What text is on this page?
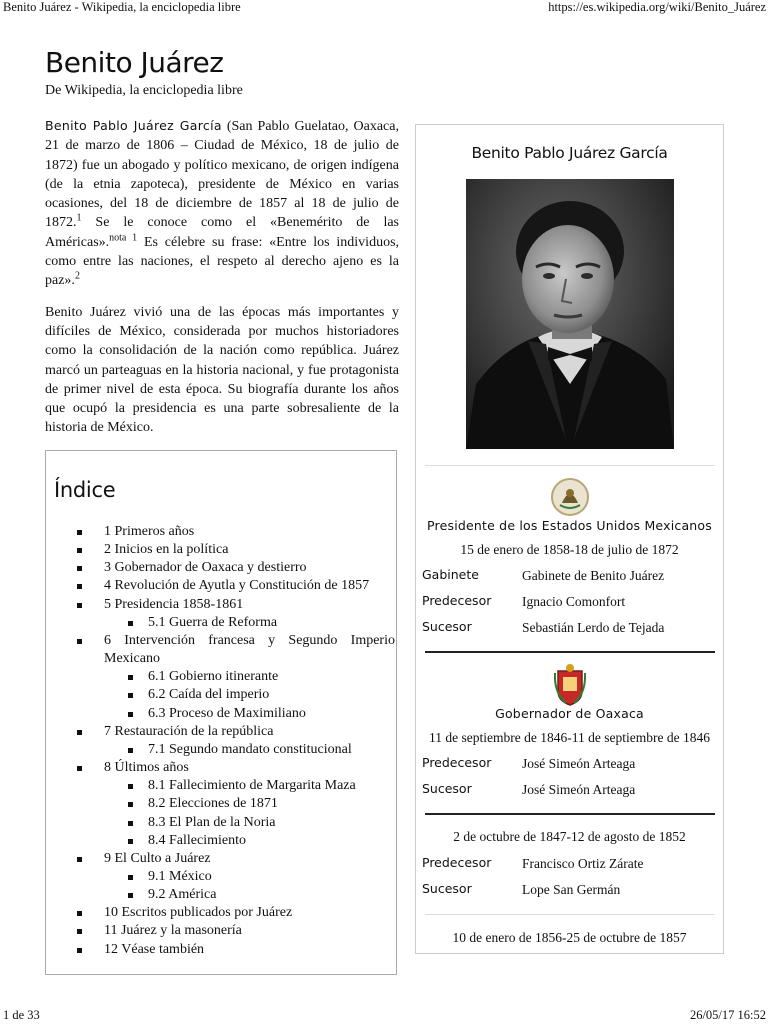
Benito Juárez - Wikipedia, la enciclopedia libre	https://es.wikipedia.org/wiki/Benito_Juárez
1 de 33	26/05/17 16:52
Benito Juárez
De Wikipedia, la enciclopedia libre

Benito Pablo Juárez García (San Pablo Guelatao, Oaxaca, 21 de marzo de 1806 – Ciudad de México, 18 de julio de 1872) fue un abogado y político mexicano, de origen indígena (de la etnia zapoteca), presidente de México en varias ocasiones, del 18 de diciembre de 1857 al 18 de julio de 1872.$^1$ Se le conoce como el «Benemérito de las Américas».$^{nota 1}$ Es célebre su frase: «Entre los individuos, como entre las naciones, el respeto al derecho ajeno es la paz».$^2$

Benito Juárez vivió una de las épocas más importantes y difíciles de México, considerada por muchos historiadores como la consolidación de la nación como república. Juárez marcó un parteaguas en la historia nacional, y fue protagonista de primer nivel de esta época. Su biografía durante los años que ocupó la presidencia es una parte sobresaliente de la historia de México.

Índice
1 Primeros años
2 Inicios en la política
3 Gobernador de Oaxaca y destierro
4 Revolución de Ayutla y Constitución de 1857
5 Presidencia 1858-1861
5.1 Guerra de Reforma
6 Intervención francesa y Segundo Imperio Mexicano
6.1 Gobierno itinerante
6.2 Caída del imperio
6.3 Proceso de Maximiliano
7 Restauración de la república
7.1 Segundo mandato constitucional
8 Últimos años
8.1 Fallecimiento de Margarita Maza
8.2 Elecciones de 1871
8.3 El Plan de la Noria
8.4 Fallecimiento
9 El Culto a Juárez
9.1 México
9.2 América
10 Escritos publicados por Juárez
11 Juárez y la masonería
12 Véase también
Benito Pablo Juárez García
Presidente de los Estados Unidos Mexicanos
15 de enero de 1858-18 de julio de 1872
Gabinete	Gabinete de Benito Juárez
Predecesor Ignacio Comonfort
Sucesor	Sebastián Lerdo de Tejada
Gobernador de Oaxaca
11 de septiembre de 1846-11 de septiembre de 1846
Predecesor José Simeón Arteaga
Sucesor	José Simeón Arteaga
2 de octubre de 1847-12 de agosto de 1852
Predecesor Francisco Ortiz Zárate
Sucesor	Lope San Germán
10 de enero de 1856-25 de octubre de 1857
